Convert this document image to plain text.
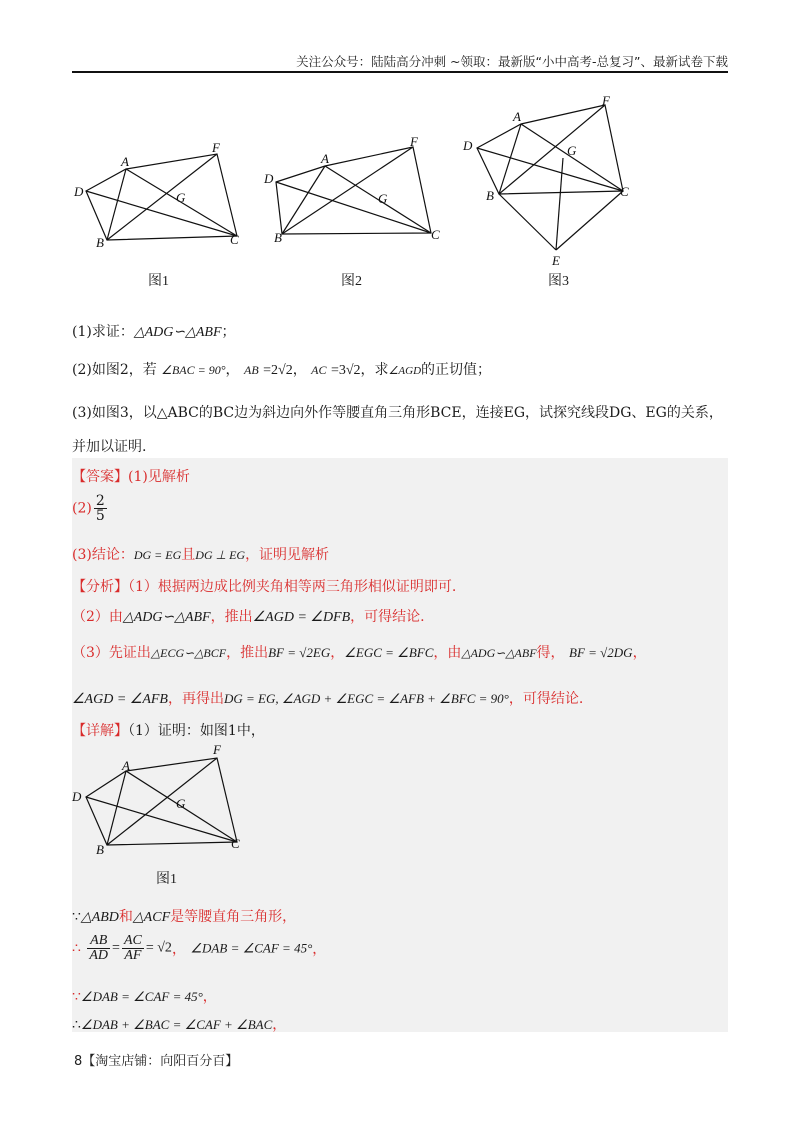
关注公众号：陆陆高分冲刺 ~领取：最新版“小中高考-总复习”、最新试卷下载
D
A
F
G
B	C
图1
D
A
F
G
B	C
图2
D
A
F
G
B	C
E
图3
(1)求证：△ADG∽△ABF；
(2)如图2，若 ∠BAC = 90°， AB =2√2， AC =3√2，求∠AGD的正切值；
(3)如图3，以△ABC的BC边为斜边向外作等腰直角三角形BCE，连接EG，试探究线段DG、EG的关系，
并加以证明.
【答案】(1)见解析
$(2) \frac{2}{5}$
(3)结论：DG = EG且DG ⊥ EG，证明见解析
【分析】（1）根据两边成比例夹角相等两三角形相似证明即可.
（2）由△ADG∽△ABF，推出∠AGD = ∠DFB，可得结论.
（3）先证出△ECG∽△BCF，推出BF = √2EG，∠EGC = ∠BFC，由△ADG∽△ABF得， BF = √2DG，
∠AGD = ∠AFB，再得出DG = EG, ∠AGD + ∠EGC = ∠AFB + ∠BFC = 90°，可得结论.
【详解】（1）证明：如图1中，
D
A
F
G
B	C
图1
∵△ABD和△ACF是等腰直角三角形，
∴ $\frac{AB}{AD} = \frac{AC}{AF} = √2$， ∠DAB = ∠CAF = 45°，
∵∠DAB = ∠CAF = 45°，
∴∠DAB + ∠BAC = ∠CAF + ∠BAC，
8【淘宝店铺：向阳百分百】
